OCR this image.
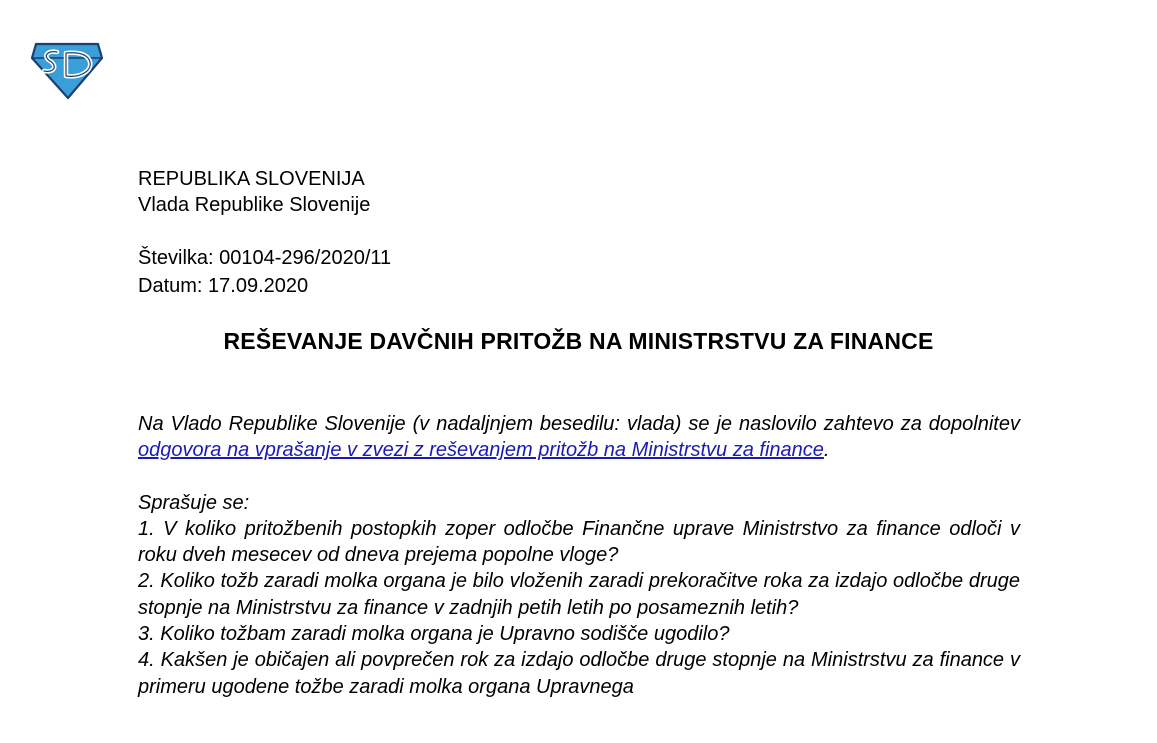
REPUBLIKA SLOVENIJA
Vlada Republike Slovenije
Številka: 00104-296/2020/11
Datum: 17.09.2020
REŠEVANJE DAVČNIH PRITOŽB NA MINISTRSTVU ZA FINANCE

Na Vlado Republike Slovenije (v nadaljnjem besedilu: vlada) se je naslovilo zahtevo za dopolnitev odgovora na vprašanje v zvezi z reševanjem pritožb na Ministrstvu za finance.

Sprašuje se:

1. V koliko pritožbenih postopkih zoper odločbe Finančne uprave Ministrstvo za finance odloči v roku dveh mesecev od dneva prejema popolne vloge?

2. Koliko tožb zaradi molka organa je bilo vloženih zaradi prekoračitve roka za izdajo odločbe druge stopnje na Ministrstvu za finance v zadnjih petih letih po posameznih letih?

3. Koliko tožbam zaradi molka organa je Upravno sodišče ugodilo?

4. Kakšen je običajen ali povprečen rok za izdajo odločbe druge stopnje na Ministrstvu za finance v primeru ugodene tožbe zaradi molka organa Upravnega
